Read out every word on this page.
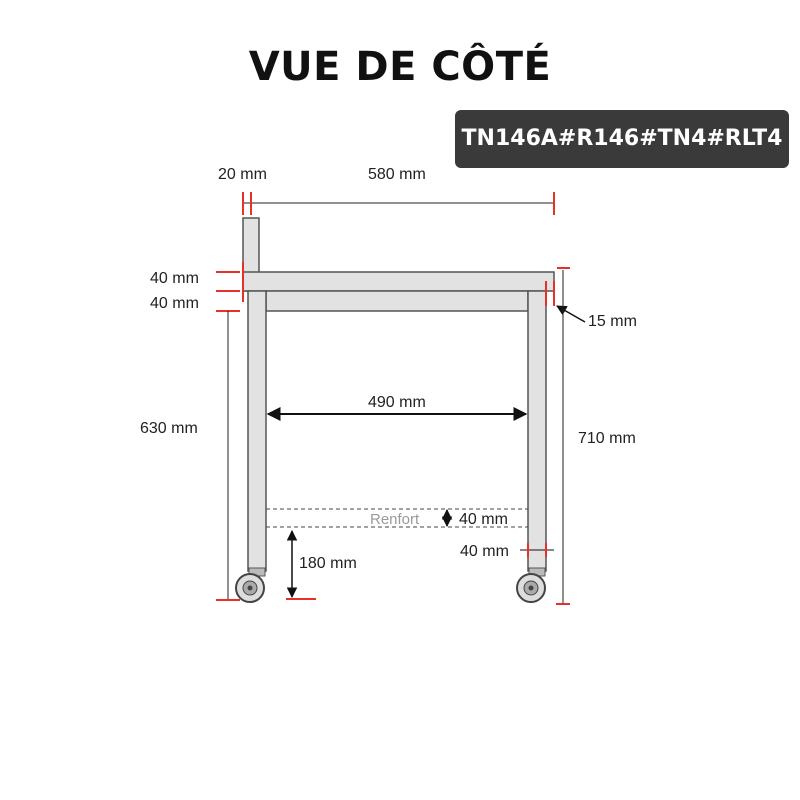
VUE DE CÔTÉ
TN146A#R146#TN4#RLT4
20 mm	580 mm
40 mm
40 mm
15 mm
490 mm
630 mm
710 mm
Renfort 40 mm
40 mm
180 mm
